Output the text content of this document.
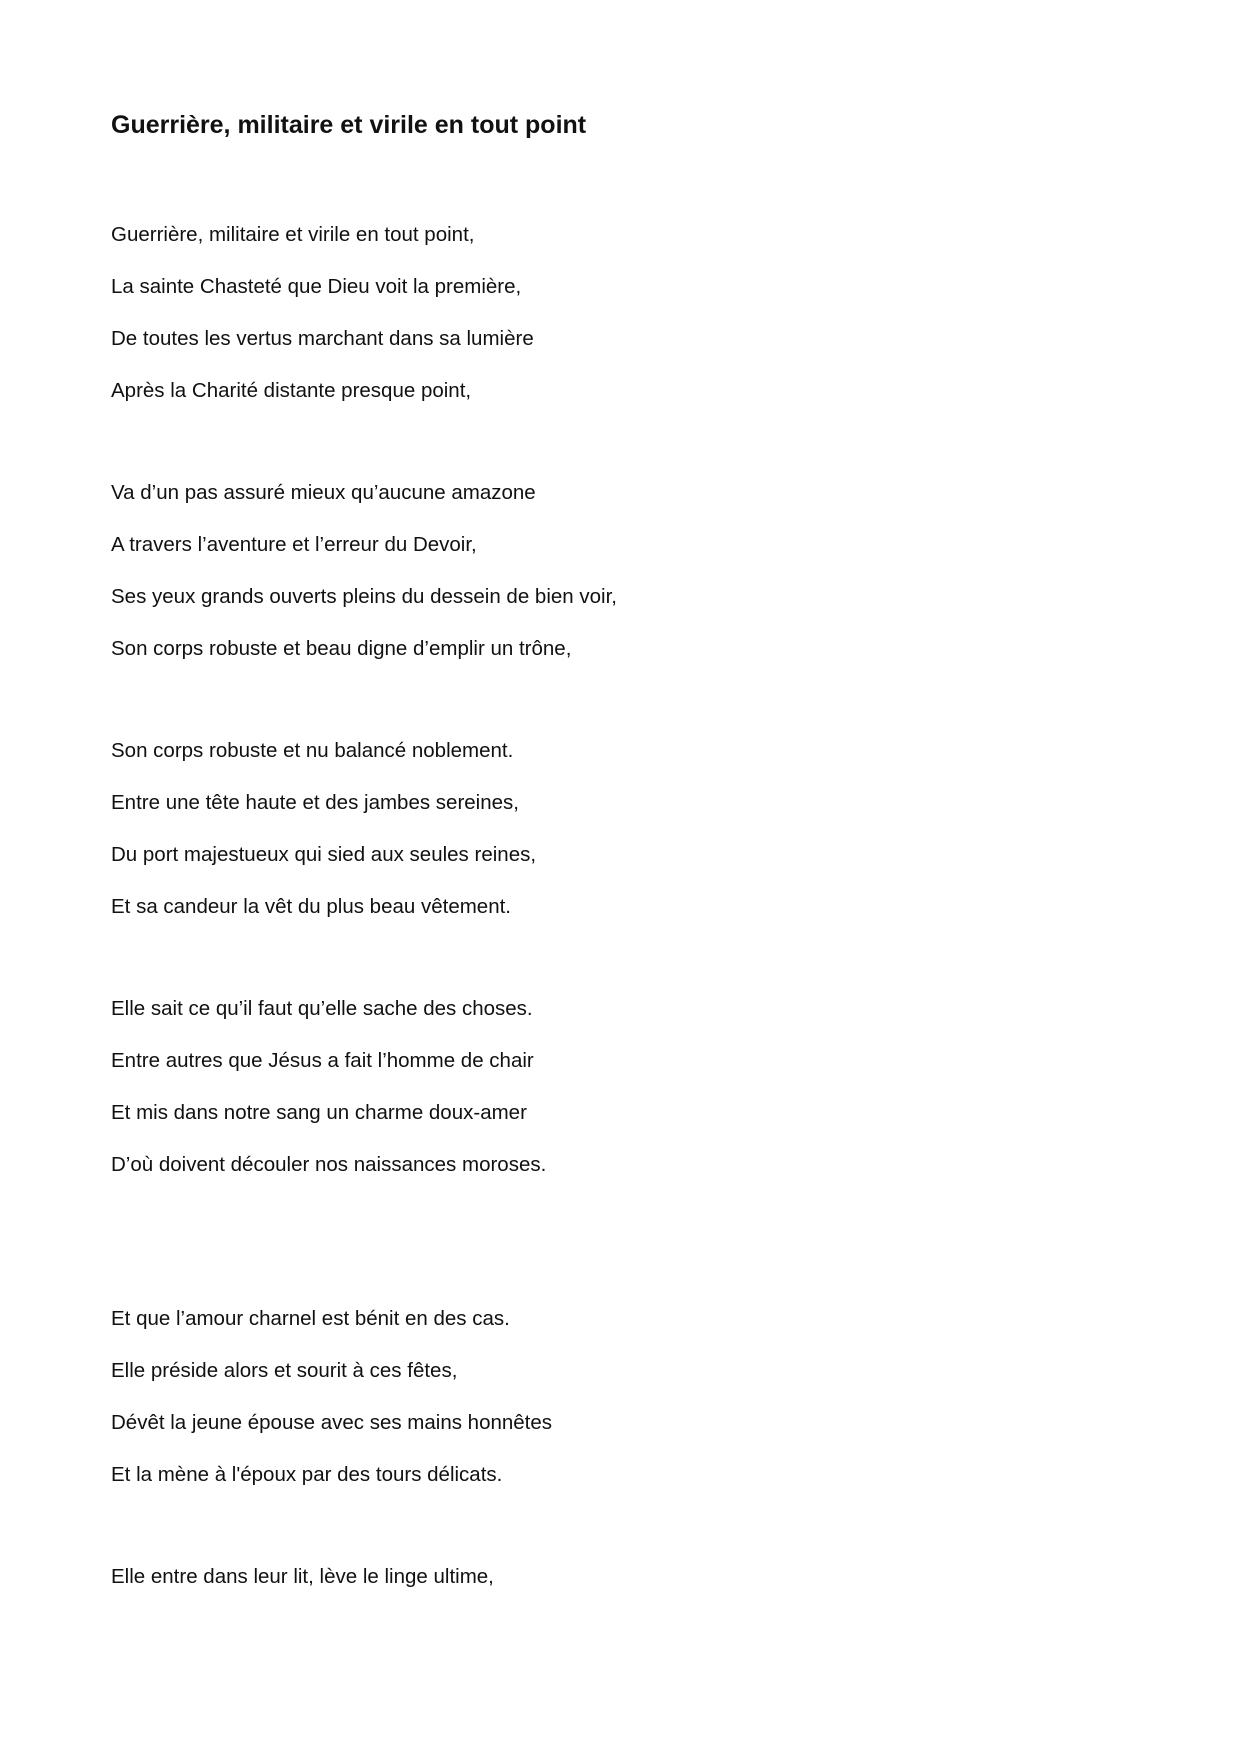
Guerrière, militaire et virile en tout point

Guerrière, militaire et virile en tout point,

La sainte Chasteté que Dieu voit la première,

De toutes les vertus marchant dans sa lumière

Après la Charité distante presque point,

Va d’un pas assuré mieux qu’aucune amazone

A travers l’aventure et l’erreur du Devoir,

Ses yeux grands ouverts pleins du dessein de bien voir,

Son corps robuste et beau digne d’emplir un trône,

Son corps robuste et nu balancé noblement.

Entre une tête haute et des jambes sereines,

Du port majestueux qui sied aux seules reines,

Et sa candeur la vêt du plus beau vêtement.

Elle sait ce qu’il faut qu’elle sache des choses.

Entre autres que Jésus a fait l’homme de chair

Et mis dans notre sang un charme doux-amer

D’où doivent découler nos naissances moroses.

Et que l’amour charnel est bénit en des cas.

Elle préside alors et sourit à ces fêtes,

Dévêt la jeune épouse avec ses mains honnêtes

Et la mène à l'époux par des tours délicats.

Elle entre dans leur lit, lève le linge ultime,
